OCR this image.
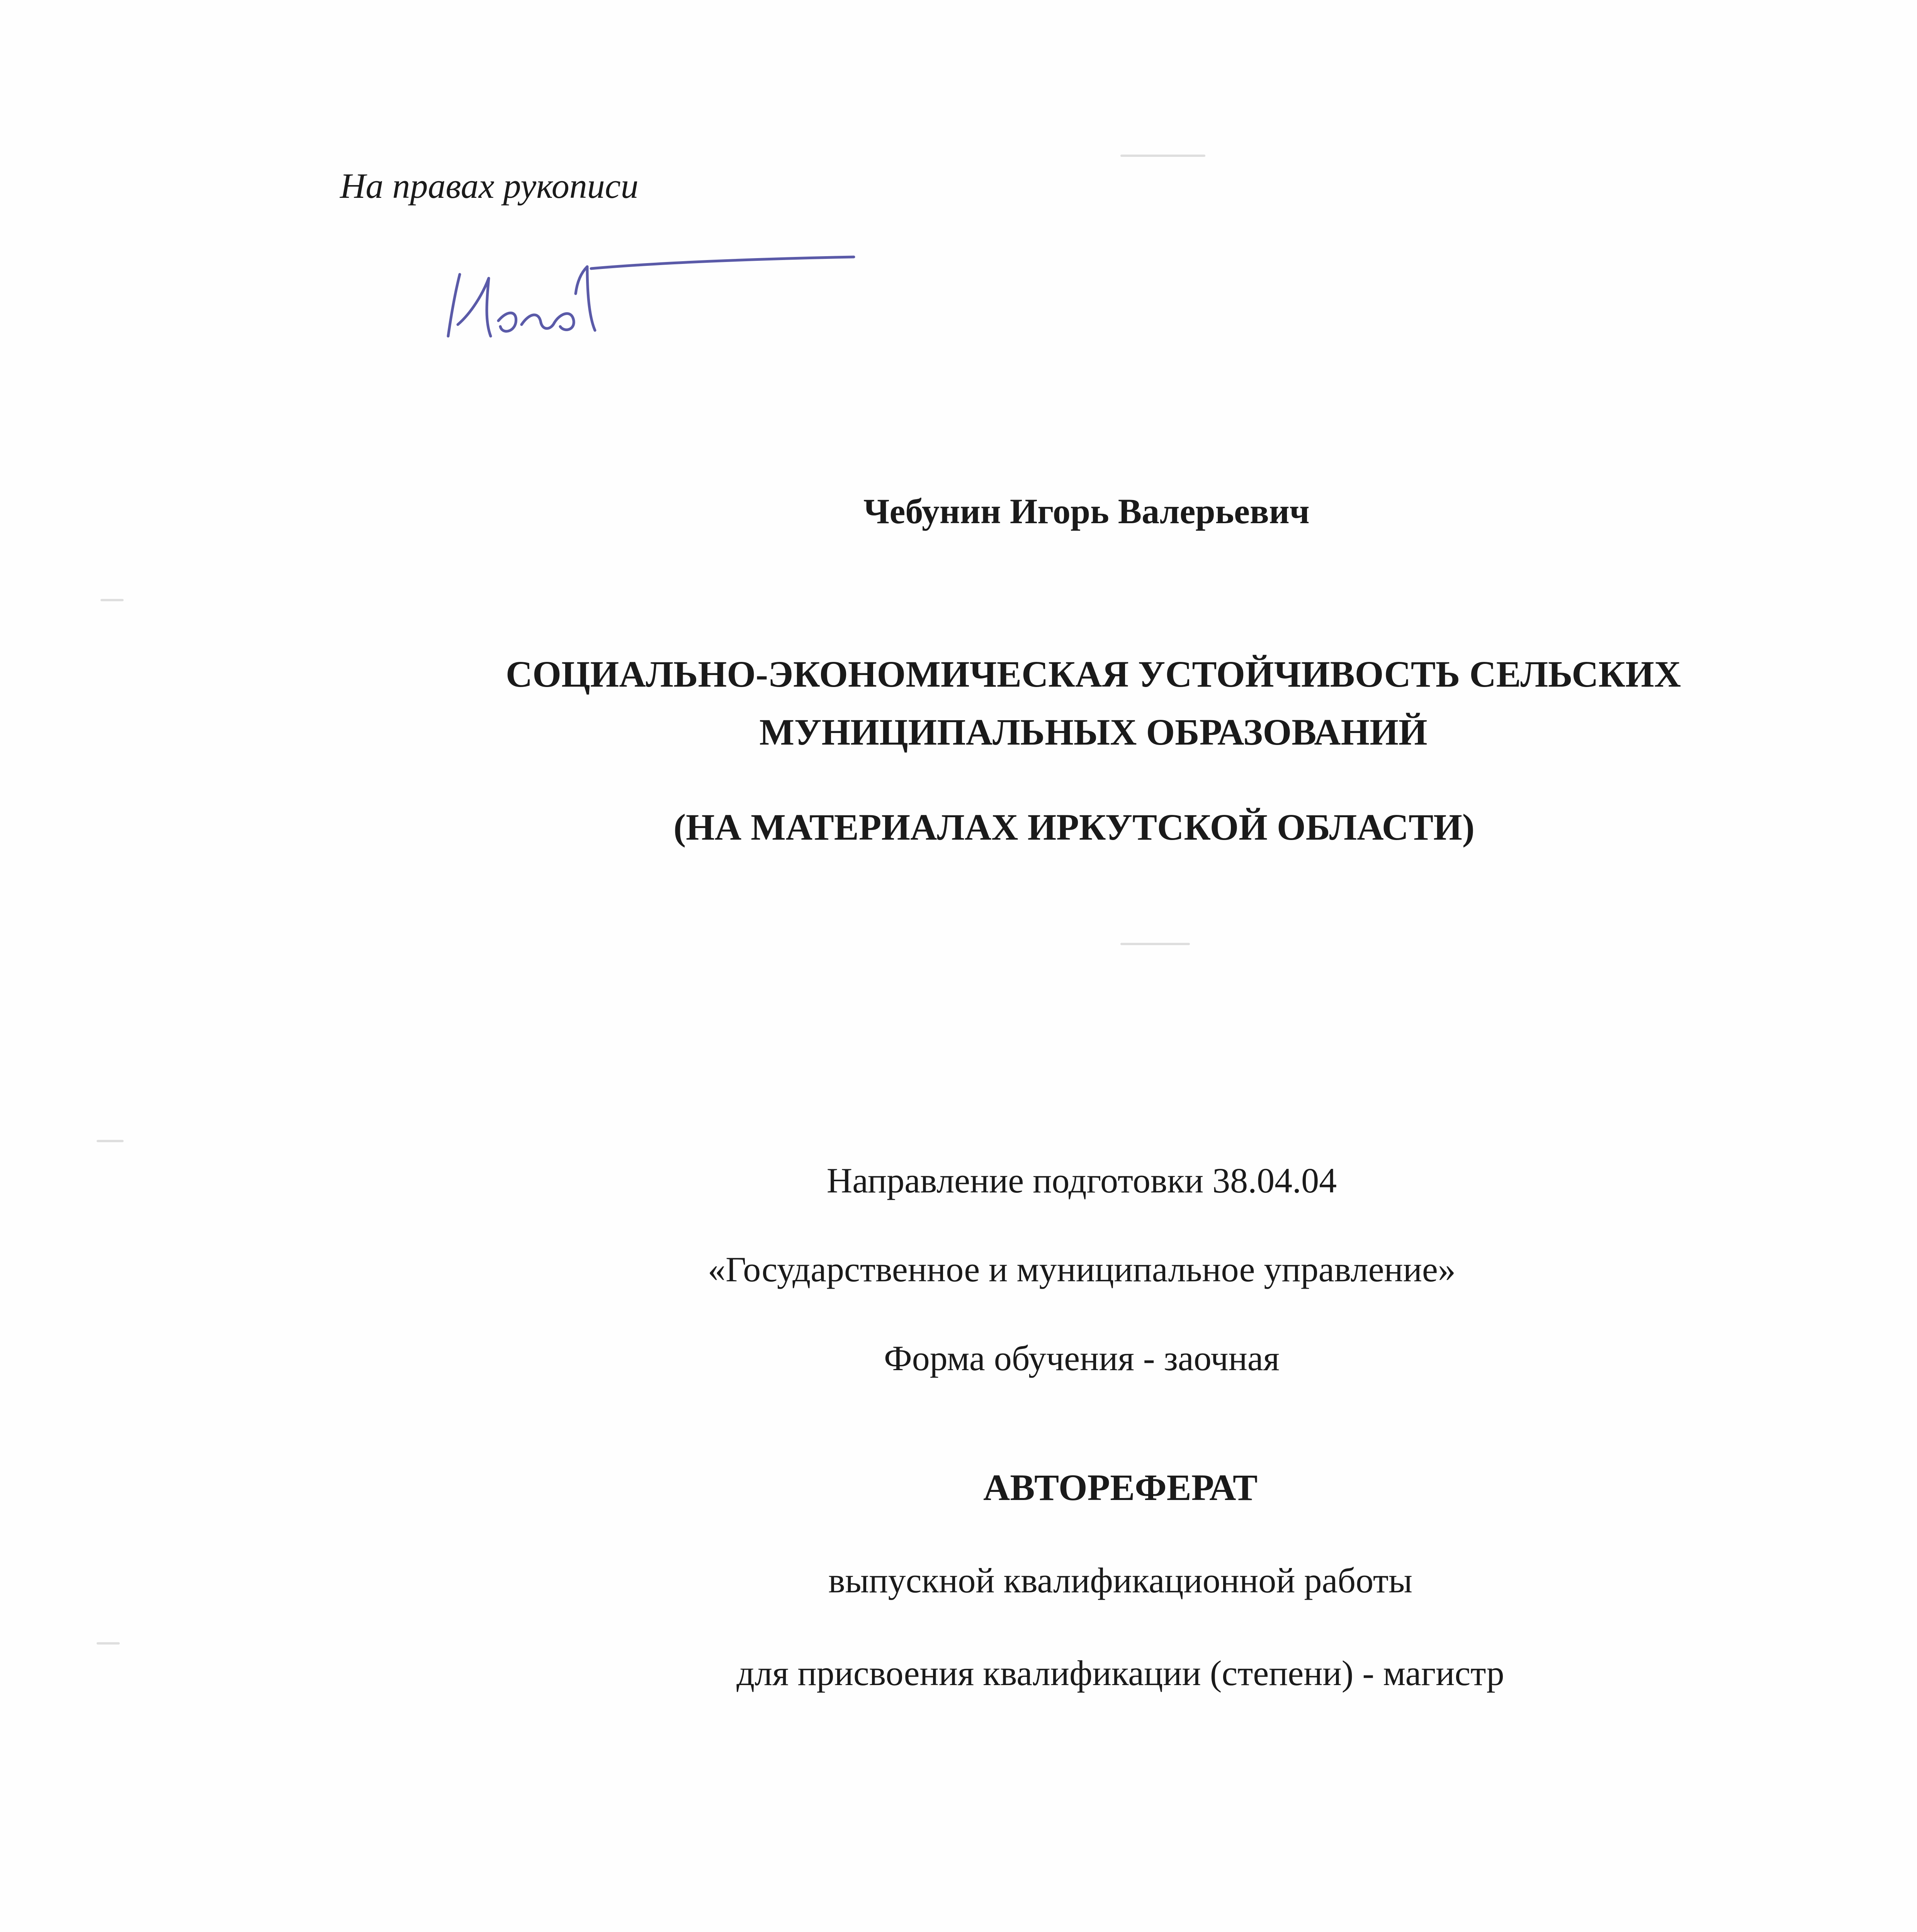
На правах рукописи
Чебунин Игорь Валерьевич
СОЦИАЛЬНО-ЭКОНОМИЧЕСКАЯ УСТОЙЧИВОСТЬ СЕЛЬСКИХ
МУНИЦИПАЛЬНЫХ ОБРАЗОВАНИЙ
(НА МАТЕРИАЛАХ ИРКУТСКОЙ ОБЛАСТИ)
Направление подготовки 38.04.04
«Государственное и муниципальное управление»
Форма обучения - заочная
АВТОРЕФЕРАТ
выпускной квалификационной работы
для присвоения квалификации (степени) - магистр
